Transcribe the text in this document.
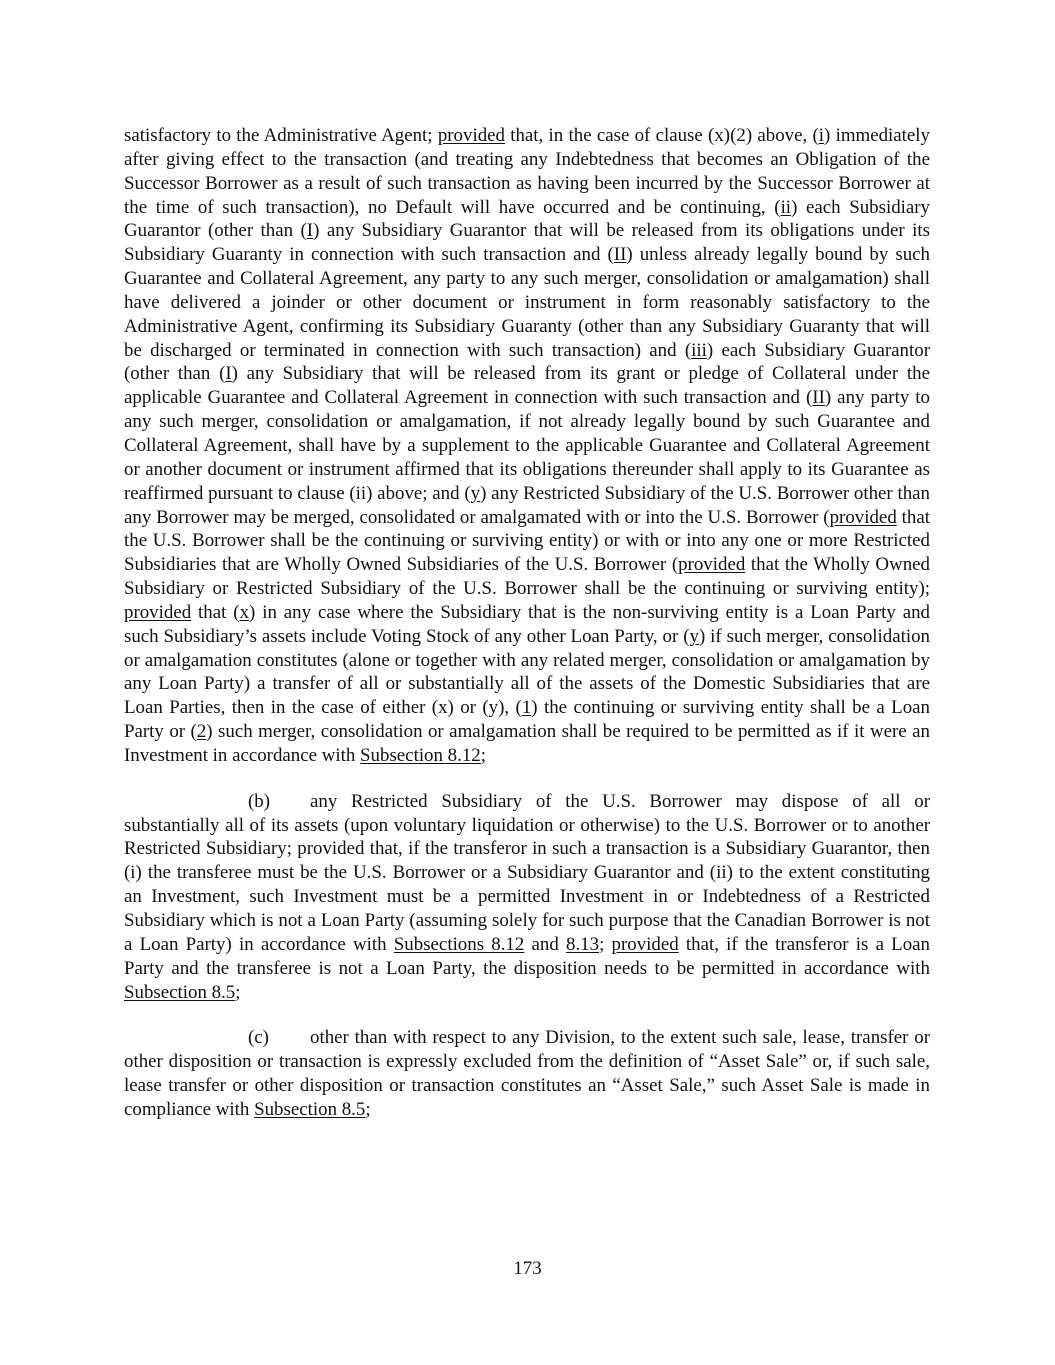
satisfactory to the Administrative Agent; provided that, in the case of clause (x)(2) above, (i) immediately after giving effect to the transaction (and treating any Indebtedness that becomes an Obligation of the Successor Borrower as a result of such transaction as having been incurred by the Successor Borrower at the time of such transaction), no Default will have occurred and be continuing, (ii) each Subsidiary Guarantor (other than (I) any Subsidiary Guarantor that will be released from its obligations under its Subsidiary Guaranty in connection with such transaction and (II) unless already legally bound by such Guarantee and Collateral Agreement, any party to any such merger, consolidation or amalgamation) shall have delivered a joinder or other document or instrument in form reasonably satisfactory to the Administrative Agent, confirming its Subsidiary Guaranty (other than any Subsidiary Guaranty that will be discharged or terminated in connection with such transaction) and (iii) each Subsidiary Guarantor (other than (I) any Subsidiary that will be released from its grant or pledge of Collateral under the applicable Guarantee and Collateral Agreement in connection with such transaction and (II) any party to any such merger, consolidation or amalgamation, if not already legally bound by such Guarantee and Collateral Agreement, shall have by a supplement to the applicable Guarantee and Collateral Agreement or another document or instrument affirmed that its obligations thereunder shall apply to its Guarantee as reaffirmed pursuant to clause (ii) above; and (y) any Restricted Subsidiary of the U.S. Borrower other than any Borrower may be merged, consolidated or amalgamated with or into the U.S. Borrower (provided that the U.S. Borrower shall be the continuing or surviving entity) or with or into any one or more Restricted Subsidiaries that are Wholly Owned Subsidiaries of the U.S. Borrower (provided that the Wholly Owned Subsidiary or Restricted Subsidiary of the U.S. Borrower shall be the continuing or surviving entity); provided that (x) in any case where the Subsidiary that is the non-surviving entity is a Loan Party and such Subsidiary’s assets include Voting Stock of any other Loan Party, or (y) if such merger, consolidation or amalgamation constitutes (alone or together with any related merger, consolidation or amalgamation by any Loan Party) a transfer of all or substantially all of the assets of the Domestic Subsidiaries that are Loan Parties, then in the case of either (x) or (y), (1) the continuing or surviving entity shall be a Loan Party or (2) such merger, consolidation or amalgamation shall be required to be permitted as if it were an Investment in accordance with Subsection 8.12;

(b) any Restricted Subsidiary of the U.S. Borrower may dispose of all or substantially all of its assets (upon voluntary liquidation or otherwise) to the U.S. Borrower or to another Restricted Subsidiary; provided that, if the transferor in such a transaction is a Subsidiary Guarantor, then (i) the transferee must be the U.S. Borrower or a Subsidiary Guarantor and (ii) to the extent constituting an Investment, such Investment must be a permitted Investment in or Indebtedness of a Restricted Subsidiary which is not a Loan Party (assuming solely for such purpose that the Canadian Borrower is not a Loan Party) in accordance with Subsections 8.12 and 8.13; provided that, if the transferor is a Loan Party and the transferee is not a Loan Party, the disposition needs to be permitted in accordance with Subsection 8.5;

(c) other than with respect to any Division, to the extent such sale, lease, transfer or other disposition or transaction is expressly excluded from the definition of “Asset Sale” or, if such sale, lease transfer or other disposition or transaction constitutes an “Asset Sale,” such Asset Sale is made in compliance with Subsection 8.5;

173
